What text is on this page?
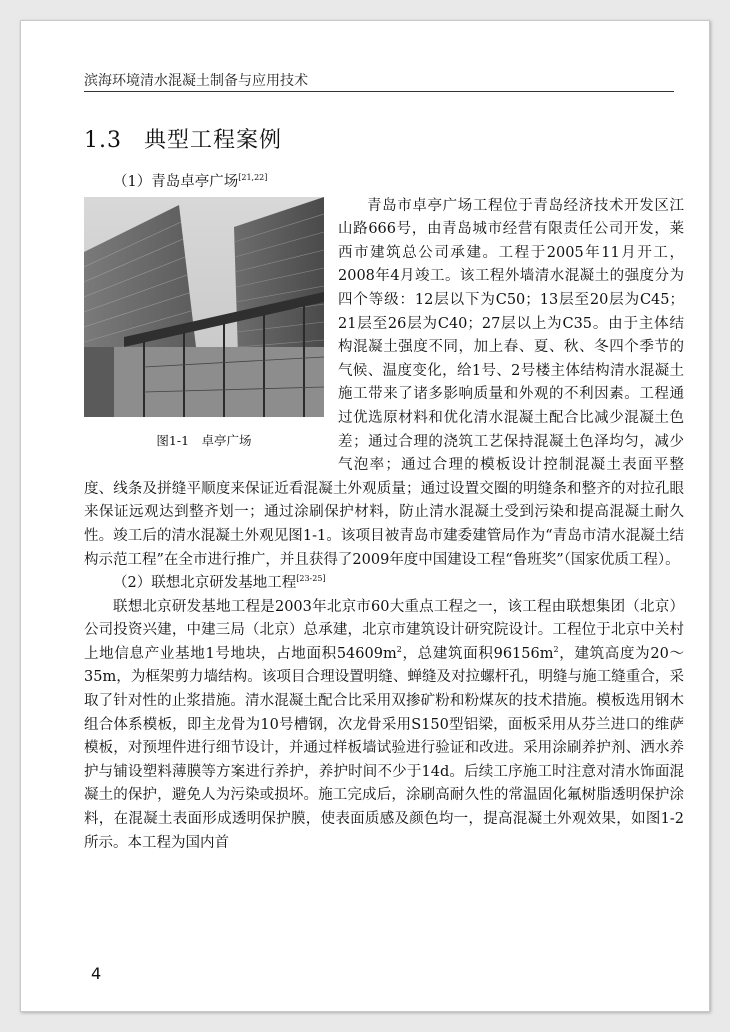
滨海环境清水混凝土制备与应用技术
1.3 典型工程案例

（1）青岛卓亭广场[21,22]

图1-1　卓亭广场
青岛市卓亭广场工程位于青岛经济技术开发区江山路666号，由青岛城市经营有限责任公司开发，莱西市建筑总公司承建。工程于2005年11月开工，2008年4月竣工。该工程外墙清水混凝土的强度分为四个等级：12层以下为C50；13层至20层为C45；21层至26层为C40；27层以上为C35。由于主体结构混凝土强度不同，加上春、夏、秋、冬四个季节的气候、温度变化，给1号、2号楼主体结构清水混凝土施工带来了诸多影响质量和外观的不利因素。工程通过优选原材料和优化清水混凝土配合比减少混凝土色差；通过合理的浇筑工艺保持混凝土色泽均匀，减少气泡率；通过合理的模板设计控制混凝土表面平整度、线条及拼缝平顺度来保证近看混凝土外观质量；通过设置交圈的明缝条和整齐的对拉孔眼来保证远观达到整齐划一；通过涂刷保护材料，防止清水混凝土受到污染和提高混凝土耐久性。竣工后的清水混凝土外观见图1-1。该项目被青岛市建委建管局作为“青岛市清水混凝土结构示范工程”在全市进行推广，并且获得了2009年度中国建设工程“鲁班奖”（国家优质工程）。

（2）联想北京研发基地工程[23-25]

联想北京研发基地工程是2003年北京市60大重点工程之一，该工程由联想集团（北京）公司投资兴建，中建三局（北京）总承建，北京市建筑设计研究院设计。工程位于北京中关村上地信息产业基地1号地块，占地面积$54609m^2$，总建筑面积$96156m^2$，建筑高度为20～35m，为框架剪力墙结构。该项目合理设置明缝、蝉缝及对拉螺杆孔，明缝与施工缝重合，采取了针对性的止浆措施。清水混凝土配合比采用双掺矿粉和粉煤灰的技术措施。模板选用钢木组合体系模板，即主龙骨为10号槽钢，次龙骨采用S150型铝梁，面板采用从芬兰进口的维萨模板，对预埋件进行细节设计，并通过样板墙试验进行验证和改进。采用涂刷养护剂、洒水养护与铺设塑料薄膜等方案进行养护，养护时间不少于14d。后续工序施工时注意对清水饰面混凝土的保护，避免人为污染或损坏。施工完成后，涂刷高耐久性的常温固化氟树脂透明保护涂料，在混凝土表面形成透明保护膜，使表面质感及颜色均一，提高混凝土外观效果，如图1-2所示。本工程为国内首

4
